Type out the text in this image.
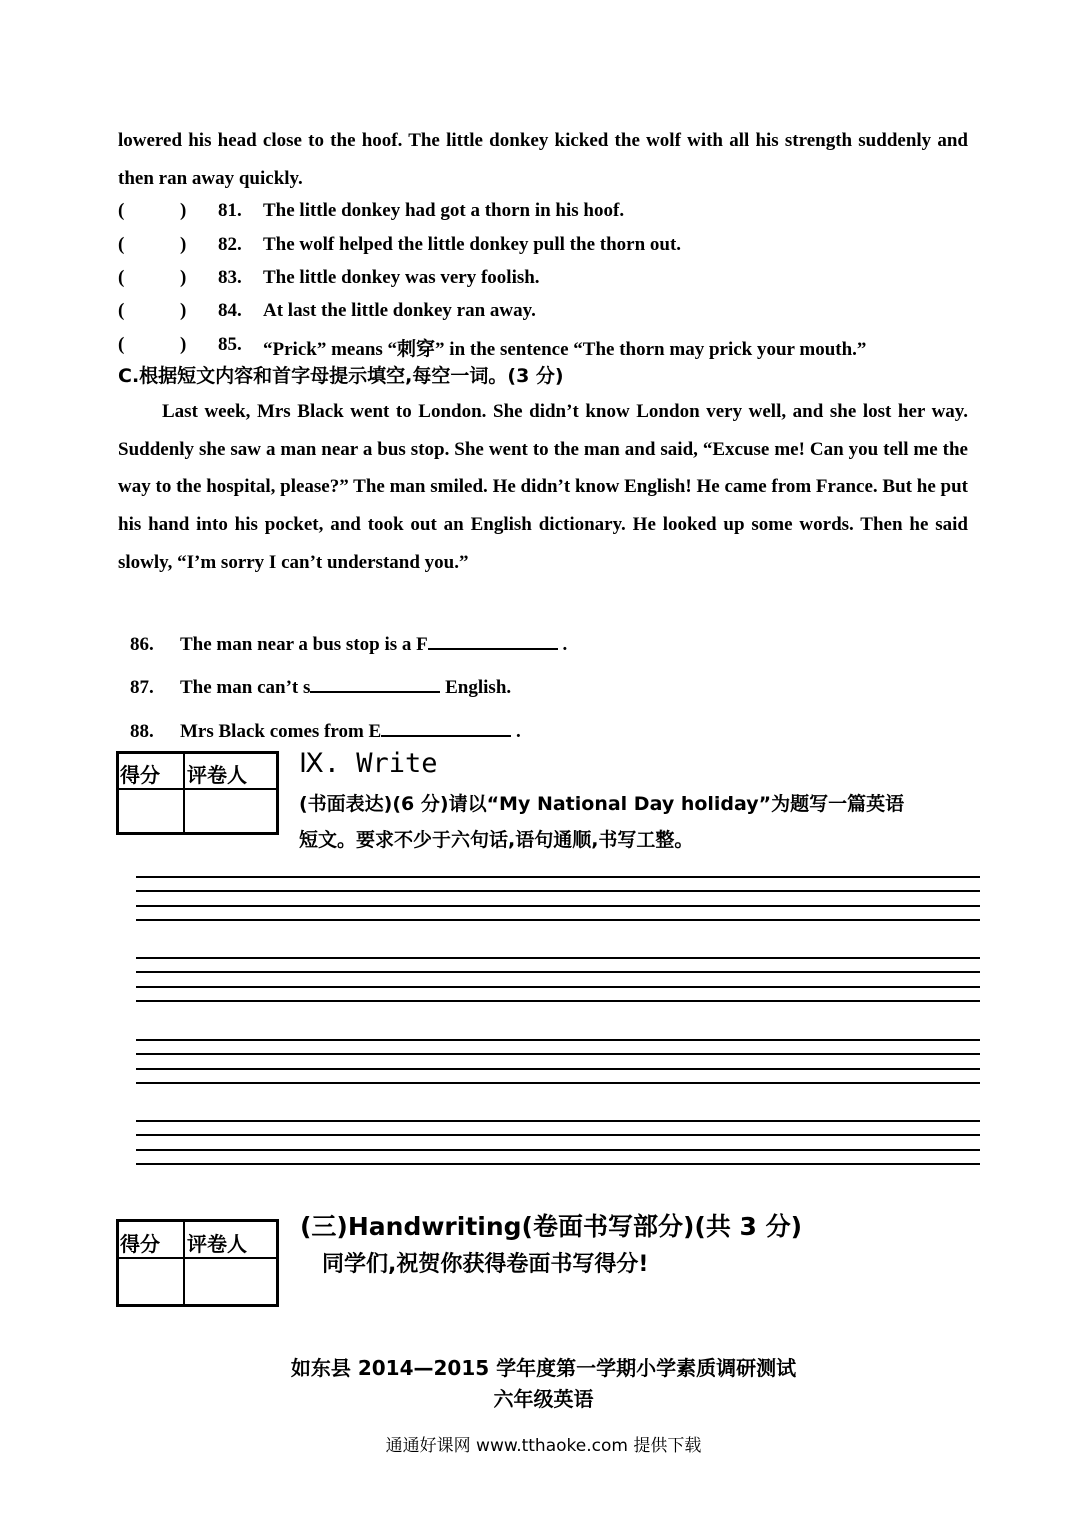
lowered his head close to the hoof. The little donkey kicked the wolf with all his strength suddenly and then ran away quickly.
(	) 81. The little donkey had got a thorn in his hoof.
(	) 82. The wolf helped the little donkey pull the thorn out.
(	) 83. The little donkey was very foolish.
(	) 84. At last the little donkey ran away.
(	) 85. “Prick” means “刺穿” in the sentence “The thorn may prick your mouth.”
C.根据短文内容和首字母提示填空,每空一词。(3 分)
Last week, Mrs Black went to London. She didn’t know London very well, and she lost her way. Suddenly she saw a man near a bus stop. She went to the man and said, “Excuse me! Can you tell me the way to the hospital, please?” The man smiled. He didn’t know English! He came from France. But he put his hand into his pocket, and took out an English dictionary. He looked up some words. Then he said slowly, “I’m sorry I can’t understand you.”
86. The man near a bus stop is a F	.
87. The man can’t s	English.
88. Mrs Black comes from E	.
得分 评卷人 Ⅸ. Write
(书面表达)(6 分)请以“My National Day holiday”为题写一篇英语
短文。要求不少于六句话,语句通顺,书写工整。
得分 评卷人
(三)Handwriting(卷面书写部分)(共 3 分)
同学们,祝贺你获得卷面书写得分!
如东县 2014—2015 学年度第一学期小学素质调研测试
六年级英语
通通好课网 www.tthaoke.com 提供下载
